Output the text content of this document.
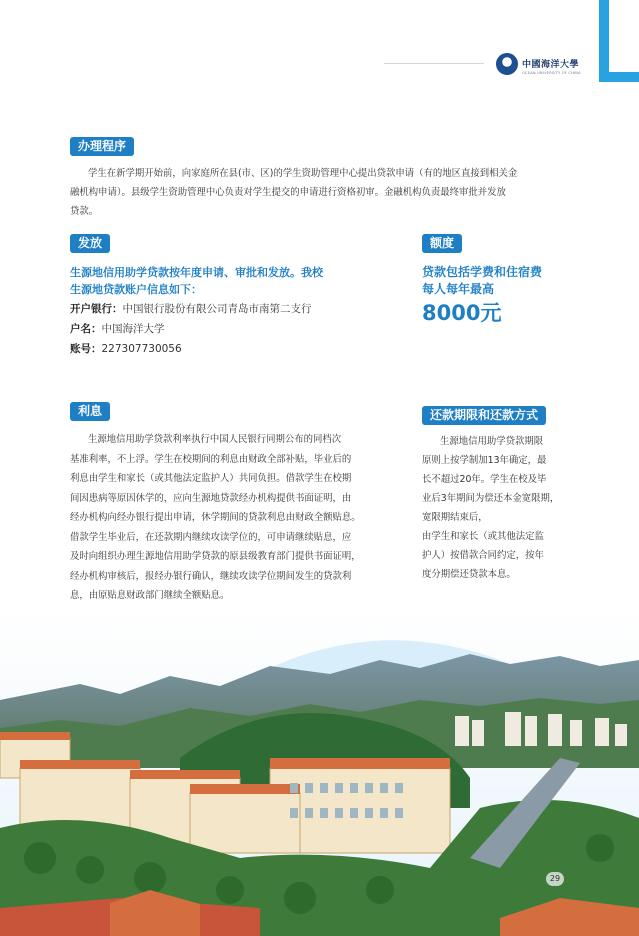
中國海洋大學
OCEAN UNIVERSITY OF CHINA
办理程序
学生在新学期开始前，向家庭所在县(市、区)的学生资助管理中心提出贷款申请（有的地区直接到相关金
融机构申请）。县级学生资助管理中心负责对学生提交的申请进行资格初审。金融机构负责最终审批并发放
贷款。
发放
生源地信用助学贷款按年度申请、审批和发放。我校
生源地贷款账户信息如下：
开户银行：中国银行股份有限公司青岛市南第二支行
户名：中国海洋大学
账号：227307730056
额度
贷款包括学费和住宿费
每人每年最高
8000元
利息
生源地信用助学贷款利率执行中国人民银行同期公布的同档次
基准利率，不上浮。学生在校期间的利息由财政全部补贴，毕业后的
利息由学生和家长（或其他法定监护人）共同负担。借款学生在校期
间因患病等原因休学的，应向生源地贷款经办机构提供书面证明，由
经办机构向经办银行提出申请，休学期间的贷款利息由财政全额贴息。
借款学生毕业后，在还款期内继续攻读学位的，可申请继续贴息，应
及时向组织办理生源地信用助学贷款的原县级教育部门提供书面证明，
经办机构审核后，报经办银行确认，继续攻读学位期间发生的贷款利
息，由原贴息财政部门继续全额贴息。
还款期限和还款方式
生源地信用助学贷款期限
原则上按学制加13年确定，最
长不超过20年。学生在校及毕
业后3年期间为偿还本金宽限期，
宽限期结束后，
由学生和家长（或其他法定监
护人）按借款合同约定，按年
度分期偿还贷款本息。
29
